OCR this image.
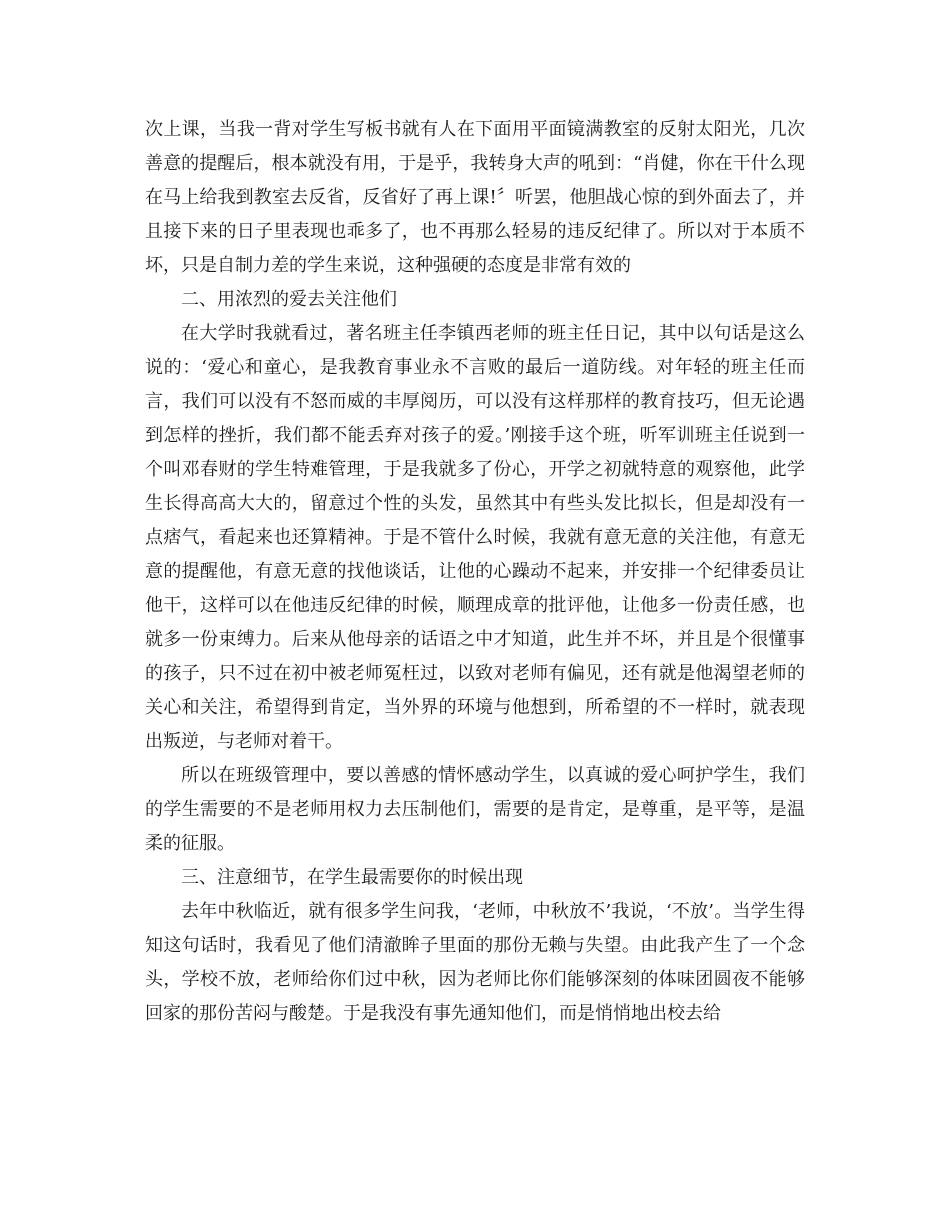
次上课，当我一背对学生写板书就有人在下面用平面镜满教室的反射太阳光，几次善意的提醒后，根本就没有用，于是乎，我转身大声的吼到：“肖健，你在干什么现在马上给我到教室去反省，反省好了再上课!〞听罢，他胆战心惊的到外面去了，并且接下来的日子里表现也乖多了，也不再那么轻易的违反纪律了。所以对于本质不坏，只是自制力差的学生来说，这种强硬的态度是非常有效的

二、用浓烈的爱去关注他们

在大学时我就看过，著名班主任李镇西老师的班主任日记，其中以句话是这么说的：‘爱心和童心，是我教育事业永不言败的最后一道防线。对年轻的班主任而言，我们可以没有不怒而威的丰厚阅历，可以没有这样那样的教育技巧，但无论遇到怎样的挫折，我们都不能丢弃对孩子的爱。’刚接手这个班，听军训班主任说到一个叫邓春财的学生特难管理，于是我就多了份心，开学之初就特意的观察他，此学生长得高高大大的，留意过个性的头发，虽然其中有些头发比拟长，但是却没有一点痞气，看起来也还算精神。于是不管什么时候，我就有意无意的关注他，有意无意的提醒他，有意无意的找他谈话，让他的心躁动不起来，并安排一个纪律委员让他干，这样可以在他违反纪律的时候，顺理成章的批评他，让他多一份责任感，也就多一份束缚力。后来从他母亲的话语之中才知道，此生并不坏，并且是个很懂事的孩子，只不过在初中被老师冤枉过，以致对老师有偏见，还有就是他渴望老师的关心和关注，希望得到肯定，当外界的环境与他想到，所希望的不一样时，就表现出叛逆，与老师对着干。

所以在班级管理中，要以善感的情怀感动学生，以真诚的爱心呵护学生，我们的学生需要的不是老师用权力去压制他们，需要的是肯定，是尊重，是平等，是温柔的征服。

三、注意细节，在学生最需要你的时候出现

去年中秋临近，就有很多学生问我，‘老师，中秋放不’我说，‘不放’。当学生得知这句话时，我看见了他们清澈眸子里面的那份无赖与失望。由此我产生了一个念头，学校不放，老师给你们过中秋，因为老师比你们能够深刻的体味团圆夜不能够回家的那份苦闷与酸楚。于是我没有事先通知他们，而是悄悄地出校去给
